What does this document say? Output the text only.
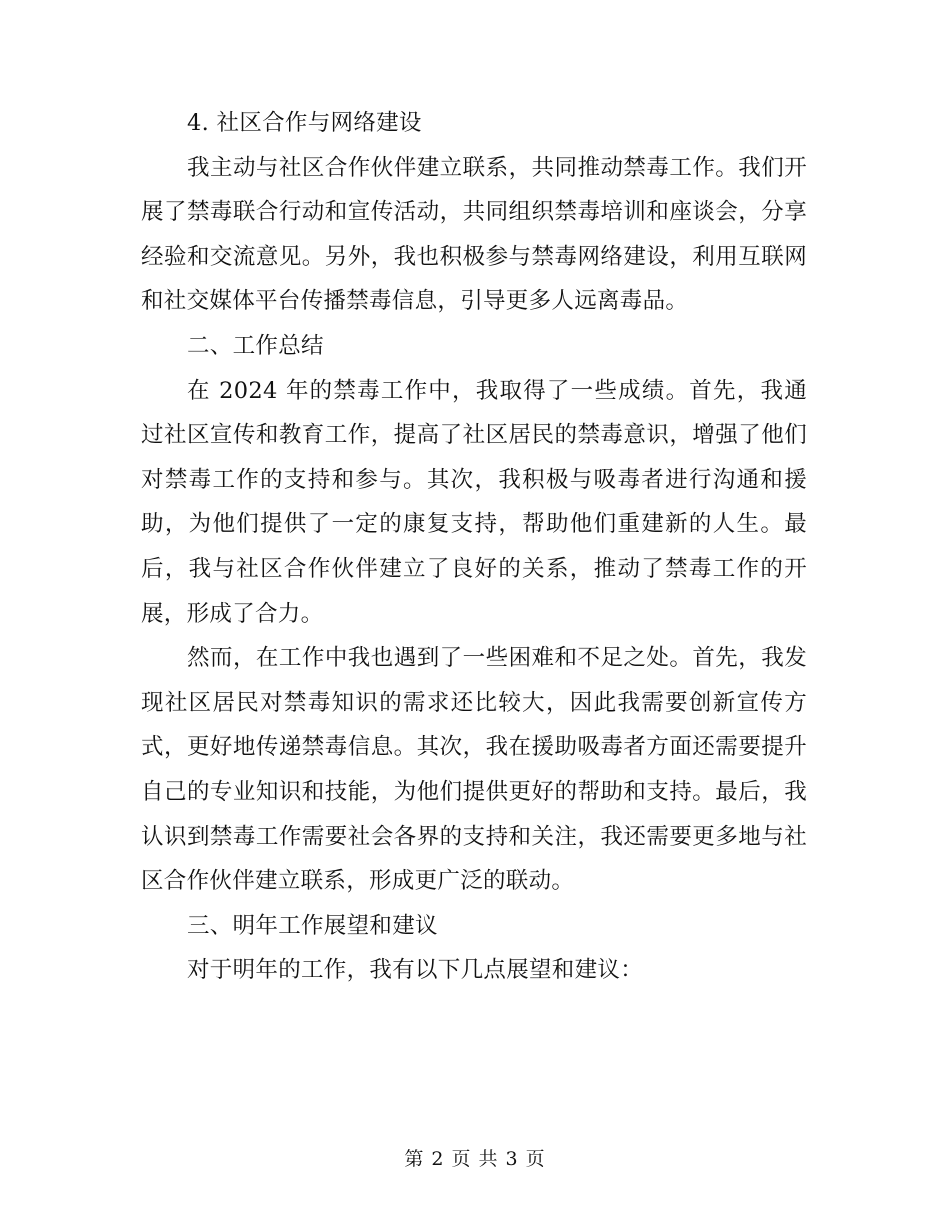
4. 社区合作与网络建设

我主动与社区合作伙伴建立联系，共同推动禁毒工作。我们开展了禁毒联合行动和宣传活动，共同组织禁毒培训和座谈会，分享经验和交流意见。另外，我也积极参与禁毒网络建设，利用互联网和社交媒体平台传播禁毒信息，引导更多人远离毒品。

二、工作总结

在 2024 年的禁毒工作中，我取得了一些成绩。首先，我通过社区宣传和教育工作，提高了社区居民的禁毒意识，增强了他们对禁毒工作的支持和参与。其次，我积极与吸毒者进行沟通和援助，为他们提供了一定的康复支持，帮助他们重建新的人生。最后，我与社区合作伙伴建立了良好的关系，推动了禁毒工作的开展，形成了合力。

然而，在工作中我也遇到了一些困难和不足之处。首先，我发现社区居民对禁毒知识的需求还比较大，因此我需要创新宣传方式，更好地传递禁毒信息。其次，我在援助吸毒者方面还需要提升自己的专业知识和技能，为他们提供更好的帮助和支持。最后，我认识到禁毒工作需要社会各界的支持和关注，我还需要更多地与社区合作伙伴建立联系，形成更广泛的联动。

三、明年工作展望和建议

对于明年的工作，我有以下几点展望和建议：

第 2 页 共 3 页
